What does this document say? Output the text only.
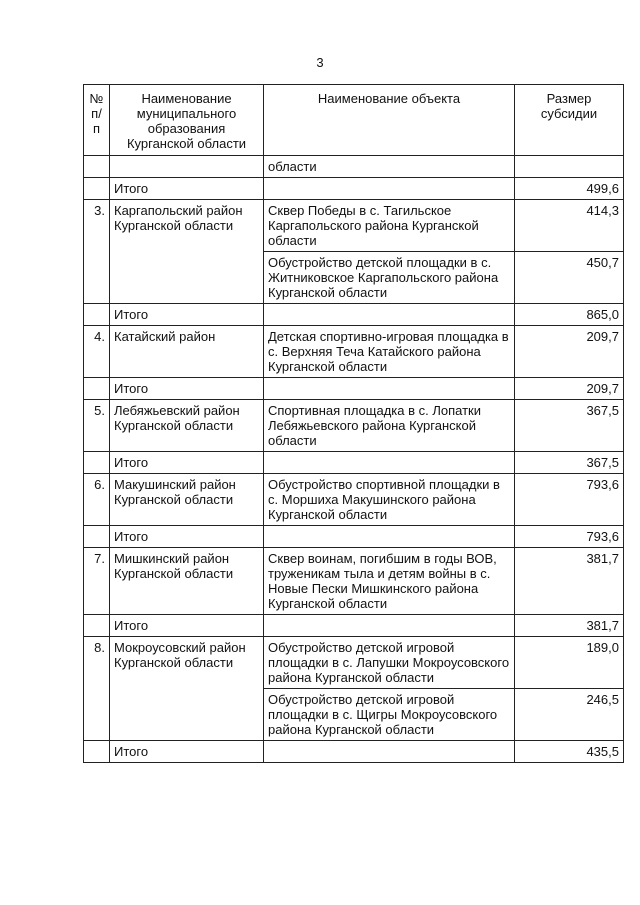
3
№ п/п	Наименование муниципального образования Курганской области	Наименование объекта	Размер субсидии
		области	
	Итого		499,6
3.	Каргапольский район Курганской области	Сквер Победы в с. Тагильское Каргапольского района Курганской области	414,3
		Обустройство детской площадки в с. Житниковское Каргапольского района Курганской области	450,7
	Итого		865,0
4.	Катайский район	Детская спортивно-игровая площадка в с. Верхняя Теча Катайского района Курганской области	209,7
	Итого		209,7
5.	Лебяжьевский район Курганской области	Спортивная площадка в с. Лопатки Лебяжьевского района Курганской области	367,5
	Итого		367,5
6.	Макушинский район Курганской области	Обустройство спортивной площадки в с. Моршиха Макушинского района Курганской области	793,6
	Итого		793,6
7.	Мишкинский район Курганской области	Сквер воинам, погибшим в годы ВОВ, труженикам тыла и детям войны в с. Новые Пески Мишкинского района Курганской области	381,7
	Итого		381,7
8.	Мокроусовский район Курганской области	Обустройство детской игровой площадки в с. Лапушки Мокроусовского района Курганской области	189,0
		Обустройство детской игровой площадки в с. Щигры Мокроусовского района Курганской области	246,5
	Итого		435,5
